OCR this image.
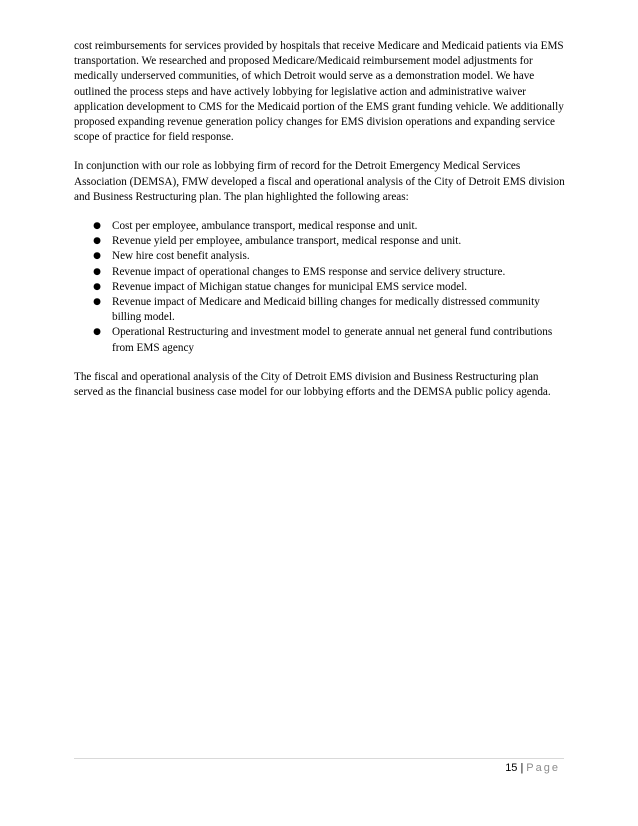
cost reimbursements for services provided by hospitals that receive Medicare and Medicaid patients via EMS transportation. We researched and proposed Medicare/Medicaid reimbursement model adjustments for medically underserved communities, of which Detroit would serve as a demonstration model. We have outlined the process steps and have actively lobbying for legislative action and administrative waiver application development to CMS for the Medicaid portion of the EMS grant funding vehicle. We additionally proposed expanding revenue generation policy changes for EMS division operations and expanding service scope of practice for field response.

In conjunction with our role as lobbying firm of record for the Detroit Emergency Medical Services Association (DEMSA), FMW developed a fiscal and operational analysis of the City of Detroit EMS division and Business Restructuring plan. The plan highlighted the following areas:

● Cost per employee, ambulance transport, medical response and unit.
● Revenue yield per employee, ambulance transport, medical response and unit.
● New hire cost benefit analysis.
● Revenue impact of operational changes to EMS response and service delivery structure.
● Revenue impact of Michigan statue changes for municipal EMS service model.
● Revenue impact of Medicare and Medicaid billing changes for medically distressed community billing model.
● Operational Restructuring and investment model to generate annual net general fund contributions from EMS agency

The fiscal and operational analysis of the City of Detroit EMS division and Business Restructuring plan served as the financial business case model for our lobbying efforts and the DEMSA public policy agenda.

15 | Page
